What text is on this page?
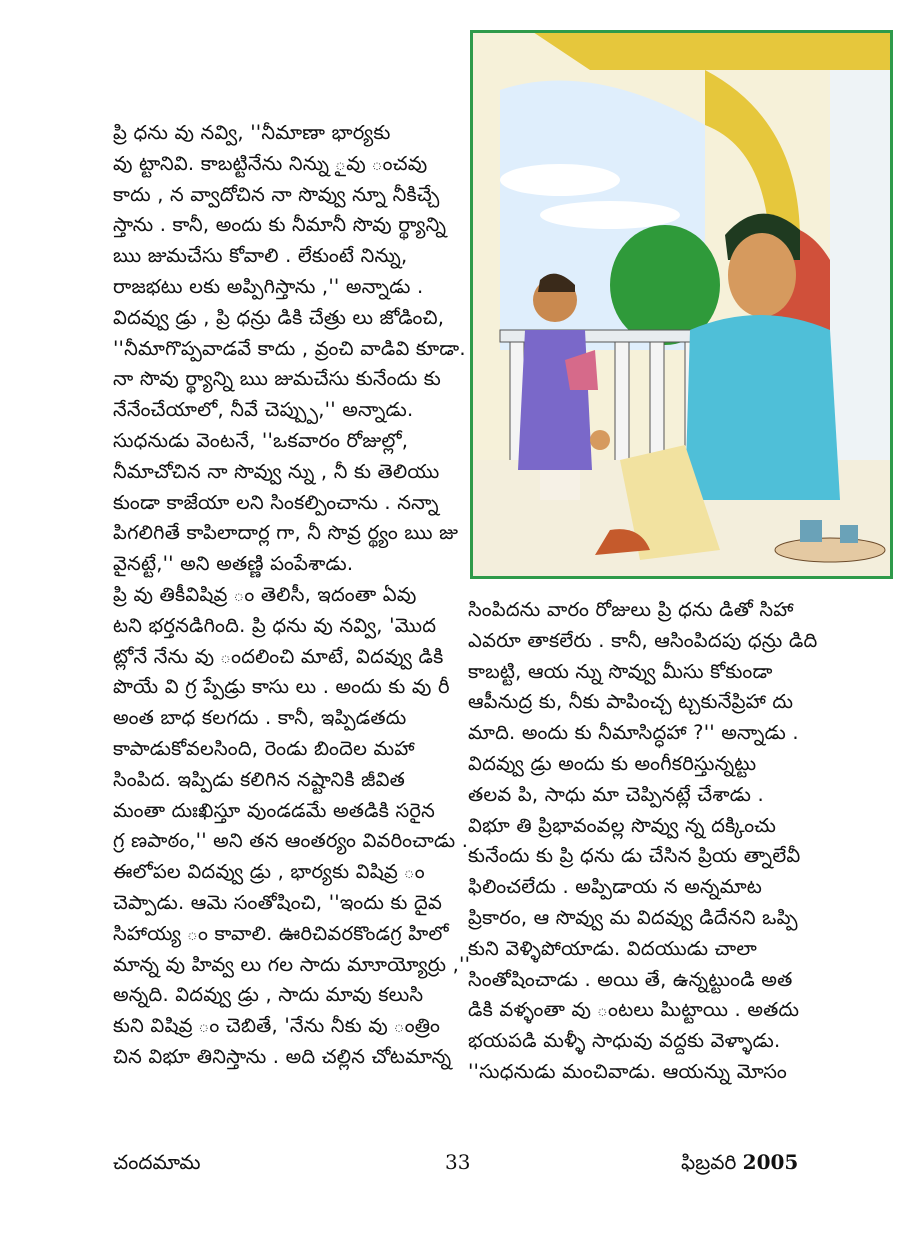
ప్రి ధను వు నవ్వి, ''నీమాణా భార్యకు

వు ట్టానివి. కాబట్టినేను నిన్ను ౖవు ంచవు

కాదు , న వ్వాదోచిన నా సొవ్వు న్నూ నీకిచ్చే

స్తాను . కానీ, అందు కు నీమానీ సొవు ర్థ్యాన్ని

ఋ జుమచేసు కోవాలి . లేకుంటే నిన్ను,

రాజభటు లకు అప్పిగిస్తాను ,'' అన్నాడు .

విదవ్వు డ్రు , ప్రి ధన్రు డికి చేత్రు లు జోడించి,

''నీమాగొప్పవాడవే కాదు , వ్రంచి వాడివి కూడా.

నా సొవు ర్థ్యాన్ని ఋ జుమచేసు కునేందు కు

నేనేంచేయాలో, నీవే చెప్ప్పు,'' అన్నాడు.

సుధనుడు వెంటనే, ''ఒకవారం రోజుల్లో,

నీమాచోచిన నా సొవ్వు న్ను , నీ కు తెలియు

కుండా కాజేయా లని సింకల్పించాను . నన్నా

పిగలిగితే కాపిలాదార్ల గా, నీ సొవ్ర ర్థ్యం ఋ జు

వైనట్టే,'' అని అతణ్ణి పంపేశాడు.

ప్రి వు తికీవిషివ్ర ం తెలిసీ, ఇదంతా ఏవు

టని భర్తనడిగింది. ప్రి ధను వు నవ్వి, 'మొద

ట్లోనే నేను వు ందలించి మాటే, విదవ్వు డికి

పొయే వి గ్ర ప్పేడ్రు కాసు లు . అందు కు వు రీ

అంత బాధ కలగదు . కానీ, ఇప్పిడతదు

కాపాడుకోవలసింది, రెండు బిందెల మహా

సింపిద. ఇప్పిడు కలిగిన నష్టానికి జీవిత

మంతా దుఃఖిస్తూ వుండడమే అతడికి సరైన

గ్ర ణపాఠం,'' అని తన ఆంతర్యం వివరించాడు .

ఈలోపల విదవ్వు డ్రు , భార్యకు విషివ్ర ం

చెప్పాడు. ఆమె సంతోషించి, ''ఇందు కు దైవ

సిహాయ్య ం కావాలి. ఊరిచివరకొండగ్ర హిలో

మాన్న వు హివ్వ లు గల సాదు మాూయ్యోర్రు ,''

అన్నది. విదవ్వు డ్రు , సాదు మావు కలుసి

కుని విషివ్ర ం చెబితే, 'నేను నీకు వు ంత్రిం

చిన విభూ తినిస్తాను . అది చల్లిన చోటమాన్న

సింపిదను వారం రోజులు ప్రి ధను డితో సిహా

ఎవరూ తాకలేరు . కానీ, ఆసింపిదపు ధన్రు డిది

కాబట్టి, ఆయ న్ను సొవ్వు మీసు కోకుండా

ఆపీనుద్ర కు, నీకు పాపించ్చ ట్చకునేప్రిహా దు

మాది. అందు కు నీమాసిద్ధహా ?'' అన్నాడు .

విదవ్వు డ్రు అందు కు అంగీకరిస్తున్నట్టు

తలవ పి, సాధు మా చెప్పినట్లే చేశాడు .

విభూ తి ప్రిభావంవల్ల సొవ్వు న్న దక్కించు

కునేందు కు ప్రి ధను డు చేసిన ప్రియ త్నాలేవీ

ఫిలించలేదు . అప్పిడాయ న అన్నమాట

ప్రికారం, ఆ సొవ్వు మ విదవ్వు డిదేనని ఒప్పి

కుని వెళ్ళిపోయాడు. విదయుడు చాలా

సింతోషించాడు . అయి తే, ఉన్నట్టుండి అత

డికి వళ్ళంతా వు ంటలు పిుట్టాయి . అతదు

భయపడి మళ్ళీ సాధువు వద్దకు వెళ్ళాడు.

''సుధనుడు మంచివాడు. ఆయన్ను మోసం

చందమామ	33	ఫిబ్రవరి 2005
